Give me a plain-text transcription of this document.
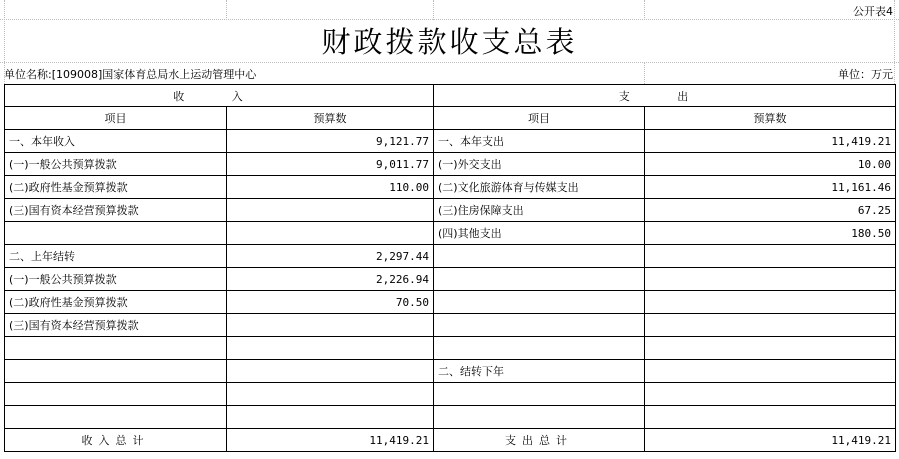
公开表4
财政拨款收支总表
单位名称:[109008]国家体育总局水上运动管理中心	单位：万元
收 入		支 出	
项目	预算数	项目	预算数
一、本年收入	9,121.77	一、本年支出	11,419.21
(一)一般公共预算拨款	9,011.77	(一)外交支出	10.00
(二)政府性基金预算拨款	110.00	(二)文化旅游体育与传媒支出	11,161.46
(三)国有资本经营预算拨款		(三)住房保障支出	67.25
		(四)其他支出	180.50
二、上年结转	2,297.44		
(一)一般公共预算拨款	2,226.94		
(二)政府性基金预算拨款	70.50		
(三)国有资本经营预算拨款			

		二、结转下年	

收入总计	11,419.21	支出总计	11,419.21
